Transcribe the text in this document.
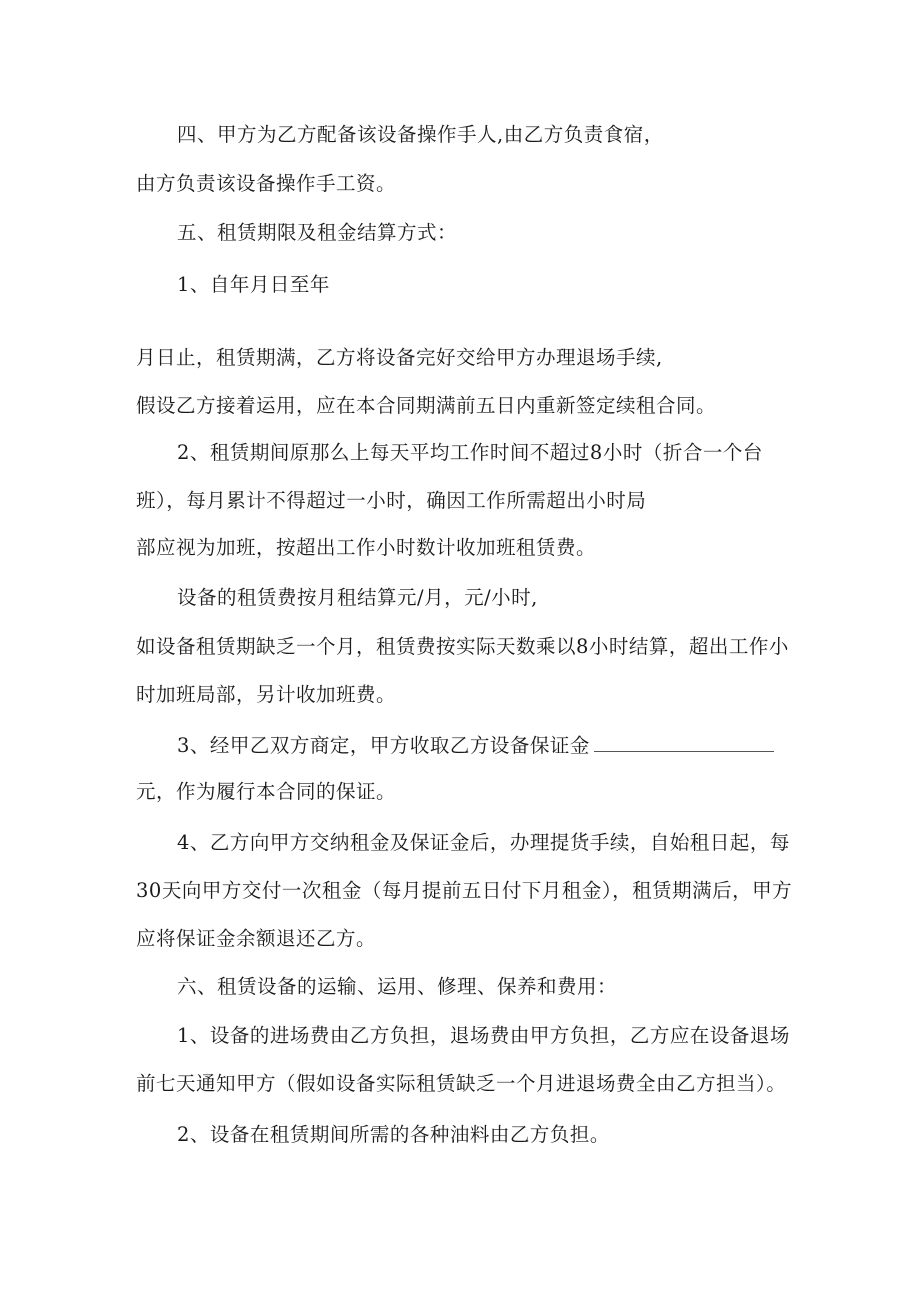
四、甲方为乙方配备该设备操作手人,由乙方负责食宿，
由方负责该设备操作手工资。
五、租赁期限及租金结算方式：
1、自年月日至年
月日止，租赁期满，乙方将设备完好交给甲方办理退场手续,
假设乙方接着运用，应在本合同期满前五日内重新签定续租合同。
2、租赁期间原那么上每天平均工作时间不超过8小时（折合一个台
班），每月累计不得超过一小时，确因工作所需超出小时局
部应视为加班，按超出工作小时数计收加班租赁费。
设备的租赁费按月租结算元/月，元/小时,
如设备租赁期缺乏一个月，租赁费按实际天数乘以8小时结算，超出工作小
时加班局部，另计收加班费。
3、经甲乙双方商定，甲方收取乙方设备保证金
元，作为履行本合同的保证。
4、乙方向甲方交纳租金及保证金后，办理提货手续，自始租日起，每
30天向甲方交付一次租金（每月提前五日付下月租金），租赁期满后，甲方
应将保证金余额退还乙方。
六、租赁设备的运输、运用、修理、保养和费用：
1、设备的进场费由乙方负担，退场费由甲方负担，乙方应在设备退场
前七天通知甲方（假如设备实际租赁缺乏一个月进退场费全由乙方担当）。
2、设备在租赁期间所需的各种油料由乙方负担。
